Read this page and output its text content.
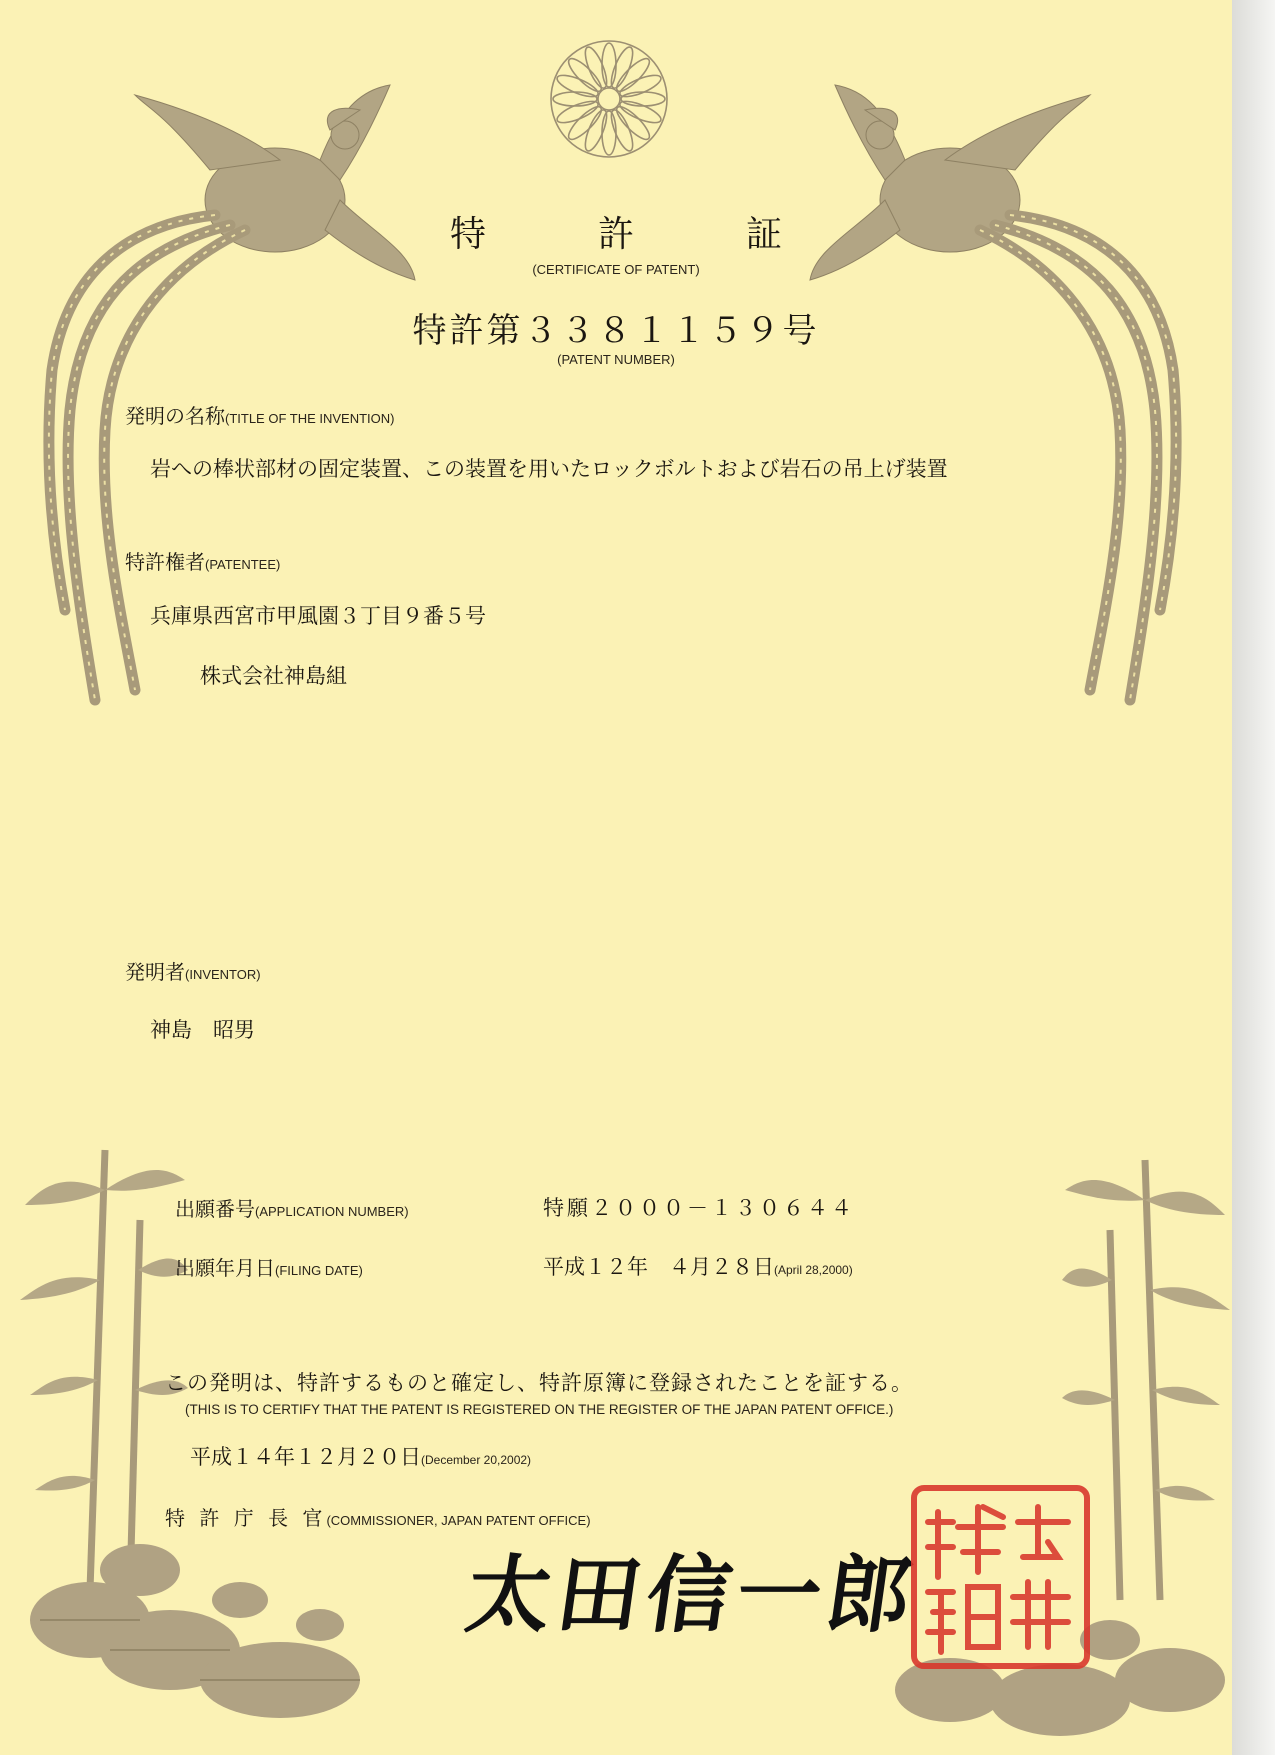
特　許　証
(CERTIFICATE OF PATENT)
特許第３３８１１５９号
(PATENT NUMBER)
発明の名称(TITLE OF THE INVENTION)
岩への棒状部材の固定装置、この装置を用いたロックボルトおよび岩石の吊上げ装置
特許権者(PATENTEE)
兵庫県西宮市甲風園３丁目９番５号
株式会社神島組
発明者(INVENTOR)
神島　昭男
出願番号(APPLICATION NUMBER)	特願２０００－１３０６４４
出願年月日(FILING DATE)	平成１２年　４月２８日(April 28,2000)
この発明は、特許するものと確定し、特許原簿に登録されたことを証する。
(THIS IS TO CERTIFY THAT THE PATENT IS REGISTERED ON THE REGISTER OF THE JAPAN PATENT OFFICE.)
平成１４年１２月２０日(December 20,2002)
特 許 庁 長 官(COMMISSIONER, JAPAN PATENT OFFICE)
太田信一郎
